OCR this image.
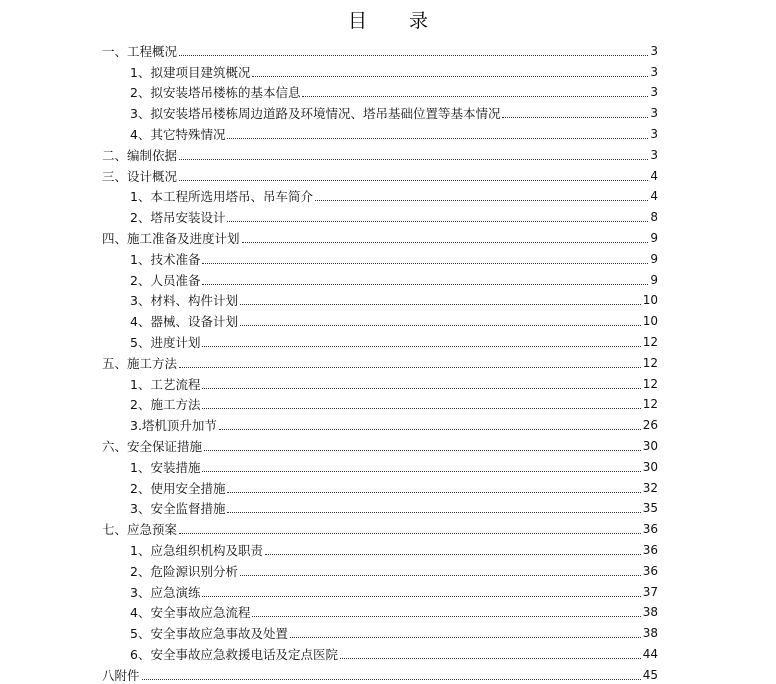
目 录
一、工程概况	3
1、拟建项目建筑概况	3
2、拟安装塔吊楼栋的基本信息	3
3、拟安装塔吊楼栋周边道路及环境情况、塔吊基础位置等基本情况	3
4、其它特殊情况	3
二、编制依据	3
三、设计概况	4
1、本工程所选用塔吊、吊车简介	4
2、塔吊安装设计	8
四、施工准备及进度计划	9
1、技术准备	9
2、人员准备	9
3、材料、构件计划	10
4、器械、设备计划	10
5、进度计划	12
五、施工方法	12
1、工艺流程	12
2、施工方法	12
3.塔机顶升加节	26
六、安全保证措施	30
1、安装措施	30
2、使用安全措施	32
3、安全监督措施	35
七、应急预案	36
1、应急组织机构及职责	36
2、危险源识别分析	36
3、应急演练	37
4、安全事故应急流程	38
5、安全事故应急事故及处置	38
6、安全事故应急救援电话及定点医院	44
八附件	45
